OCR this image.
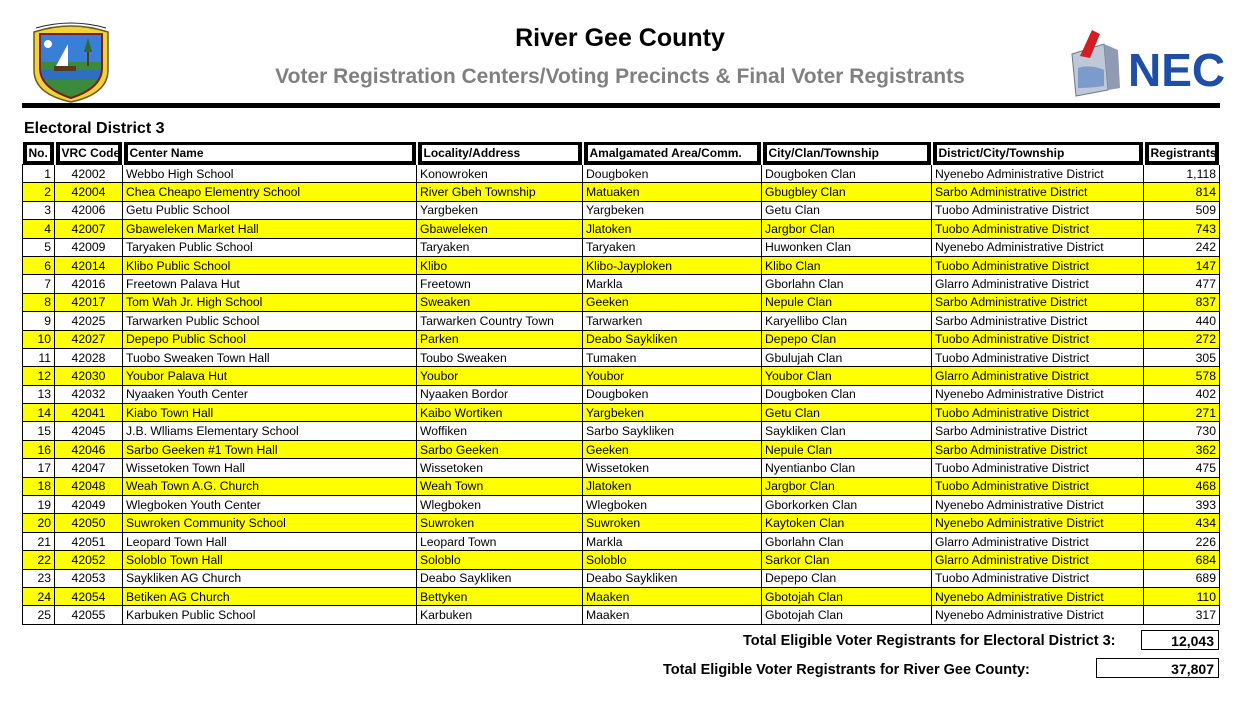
River Gee County
Voter Registration Centers/Voting Precincts & Final Voter Registrants	NEC
Electoral District 3
No.	VRC Code	Center Name	Locality/Address	Amalgamated Area/Comm.	City/Clan/Township	District/City/Township	Registrants

1	42002	Webbo High School	Konowroken	Dougboken	Dougboken Clan	Nyenebo Administrative District	1,118
2	42004	Chea Cheapo Elementry School	River Gbeh Township	Matuaken	Gbugbley Clan	Sarbo Administrative District	814
3	42006	Getu Public School	Yargbeken	Yargbeken	Getu Clan	Tuobo Administrative District	509
4	42007	Gbaweleken Market Hall	Gbaweleken	Jlatoken	Jargbor Clan	Tuobo Administrative District	743
5	42009	Taryaken Public School	Taryaken	Taryaken	Huwonken Clan	Nyenebo Administrative District	242
6	42014	Klibo Public School	Klibo	Klibo-Jayploken	Klibo Clan	Tuobo Administrative District	147
7	42016	Freetown Palava Hut	Freetown	Markla	Gborlahn Clan	Glarro Administrative District	477
8	42017	Tom Wah Jr. High School	Sweaken	Geeken	Nepule Clan	Sarbo Administrative District	837
9	42025	Tarwarken Public School	Tarwarken Country Town	Tarwarken	Karyellibo Clan	Sarbo Administrative District	440
10	42027	Depepo Public School	Parken	Deabo Saykliken	Depepo Clan	Tuobo Administrative District	272
11	42028	Tuobo Sweaken Town Hall	Toubo Sweaken	Tumaken	Gbulujah Clan	Tuobo Administrative District	305
12	42030	Youbor Palava Hut	Youbor	Youbor	Youbor Clan	Glarro Administrative District	578
13	42032	Nyaaken Youth Center	Nyaaken Bordor	Dougboken	Dougboken Clan	Nyenebo Administrative District	402
14	42041	Kiabo Town Hall	Kaibo Wortiken	Yargbeken	Getu Clan	Tuobo Administrative District	271
15	42045	J.B. Wlliams Elementary School	Woffiken	Sarbo Saykliken	Saykliken Clan	Sarbo Administrative District	730
16	42046	Sarbo Geeken #1 Town Hall	Sarbo Geeken	Geeken	Nepule Clan	Sarbo Administrative District	362
17	42047	Wissetoken Town Hall	Wissetoken	Wissetoken	Nyentianbo Clan	Tuobo Administrative District	475
18	42048	Weah Town A.G. Church	Weah Town	Jlatoken	Jargbor Clan	Tuobo Administrative District	468
19	42049	Wlegboken Youth Center	Wlegboken	Wlegboken	Gborkorken Clan	Nyenebo Administrative District	393
20	42050	Suwroken Community School	Suwroken	Suwroken	Kaytoken Clan	Nyenebo Administrative District	434
21	42051	Leopard Town Hall	Leopard Town	Markla	Gborlahn Clan	Glarro Administrative District	226
22	42052	Soloblo Town Hall	Soloblo	Soloblo	Sarkor Clan	Glarro Administrative District	684
23	42053	Saykliken AG Church	Deabo Saykliken	Deabo Saykliken	Depepo Clan	Tuobo Administrative District	689
24	42054	Betiken AG Church	Bettyken	Maaken	Gbotojah Clan	Nyenebo Administrative District	110
25	42055	Karbuken Public School	Karbuken	Maaken	Gbotojah Clan	Nyenebo Administrative District	317
Total Eligible Voter Registrants for Electoral District 3:	12,043
Total Eligible Voter Registrants for River Gee County:	37,807
